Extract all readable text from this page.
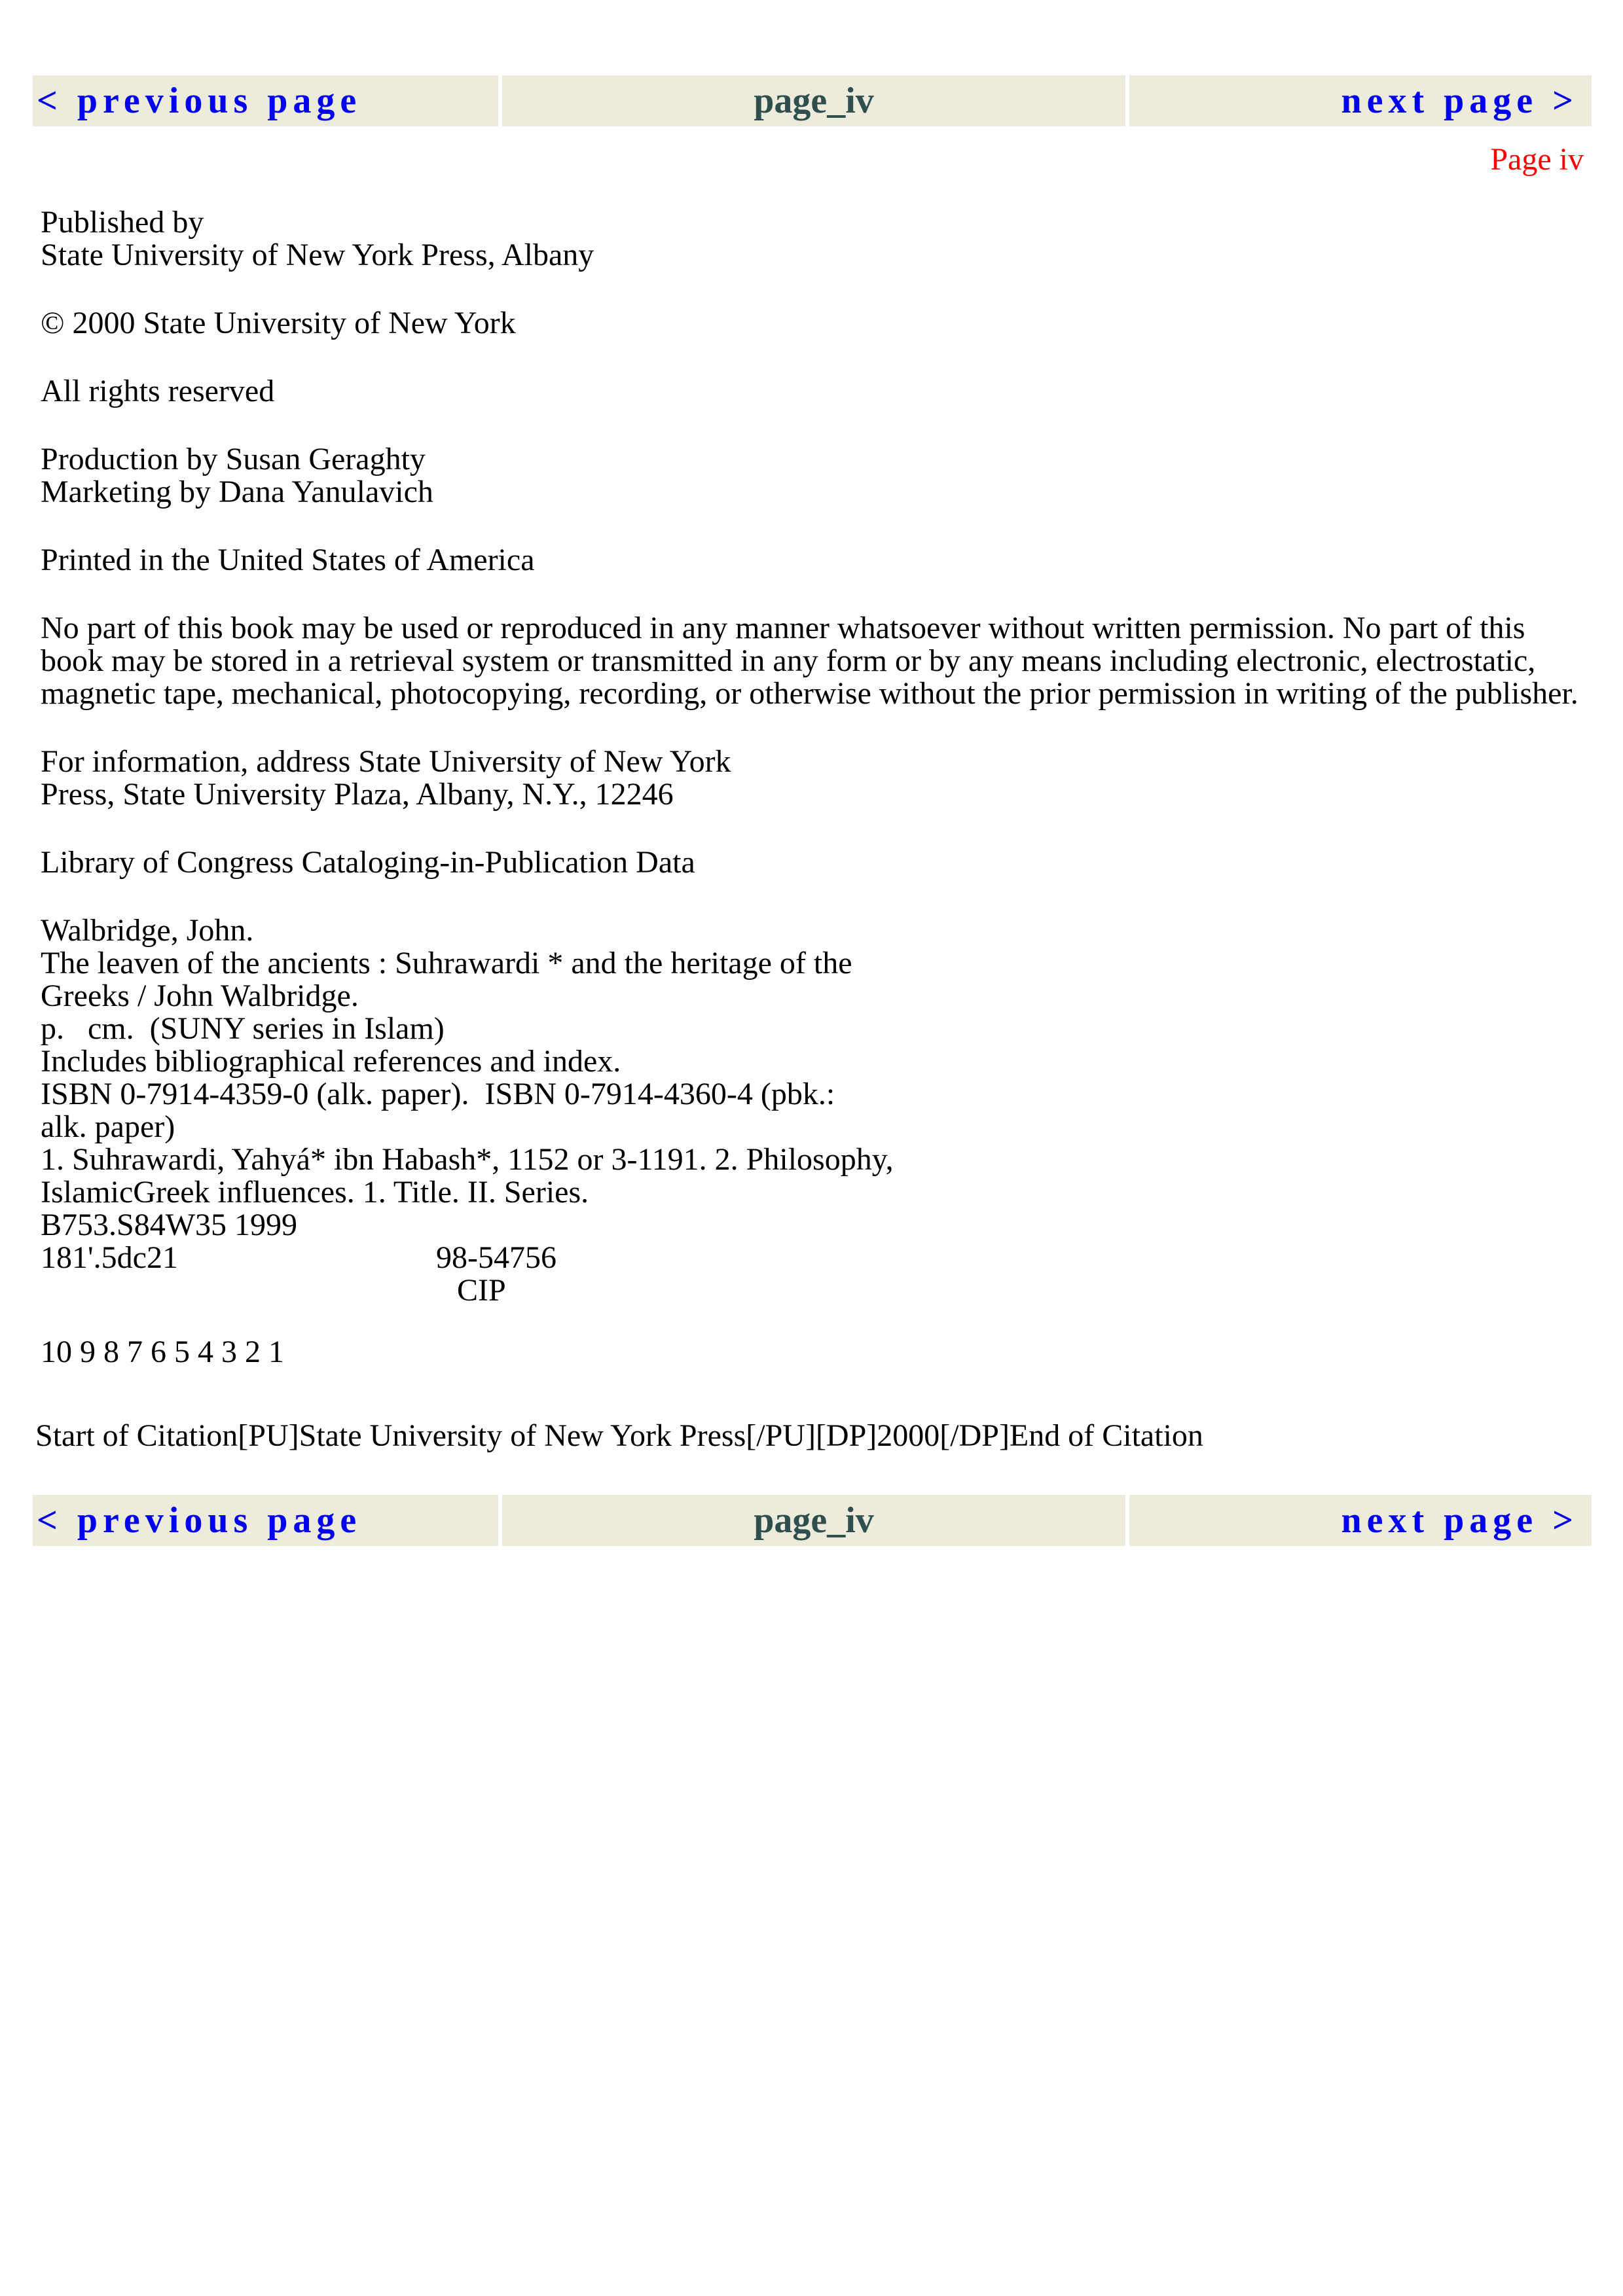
< previous page	page_iv	next page >
Page iv
Published by
State University of New York Press, Albany
© 2000 State University of New York
All rights reserved
Production by Susan Geraghty
Marketing by Dana Yanulavich
Printed in the United States of America
No part of this book may be used or reproduced in any manner whatsoever without written permission. No part of this book may be stored in a retrieval system or transmitted in any form or by any means including electronic, electrostatic, magnetic tape, mechanical, photocopying, recording, or otherwise without the prior permission in writing of the publisher.
For information, address State University of New York
Press, State University Plaza, Albany, N.Y., 12246
Library of Congress Cataloging-in-Publication Data
Walbridge, John.
The leaven of the ancients : Suhrawardi * and the heritage of the
Greeks / John Walbridge.
p.   cm.  (SUNY series in Islam)
Includes bibliographical references and index.
ISBN 0-7914-4359-0 (alk. paper).  ISBN 0-7914-4360-4 (pbk.:
alk. paper)
1. Suhrawardi, Yahyá* ibn Habash*, 1152 or 3-1191. 2. Philosophy,
IslamicGreek influences. 1. Title. II. Series.
B753.S84W35 1999
181'.5dc21	98-54756
CIP
10 9 8 7 6 5 4 3 2 1
Start of Citation[PU]State University of New York Press[/PU][DP]2000[/DP]End of Citation
< previous page	page_iv	next page >
